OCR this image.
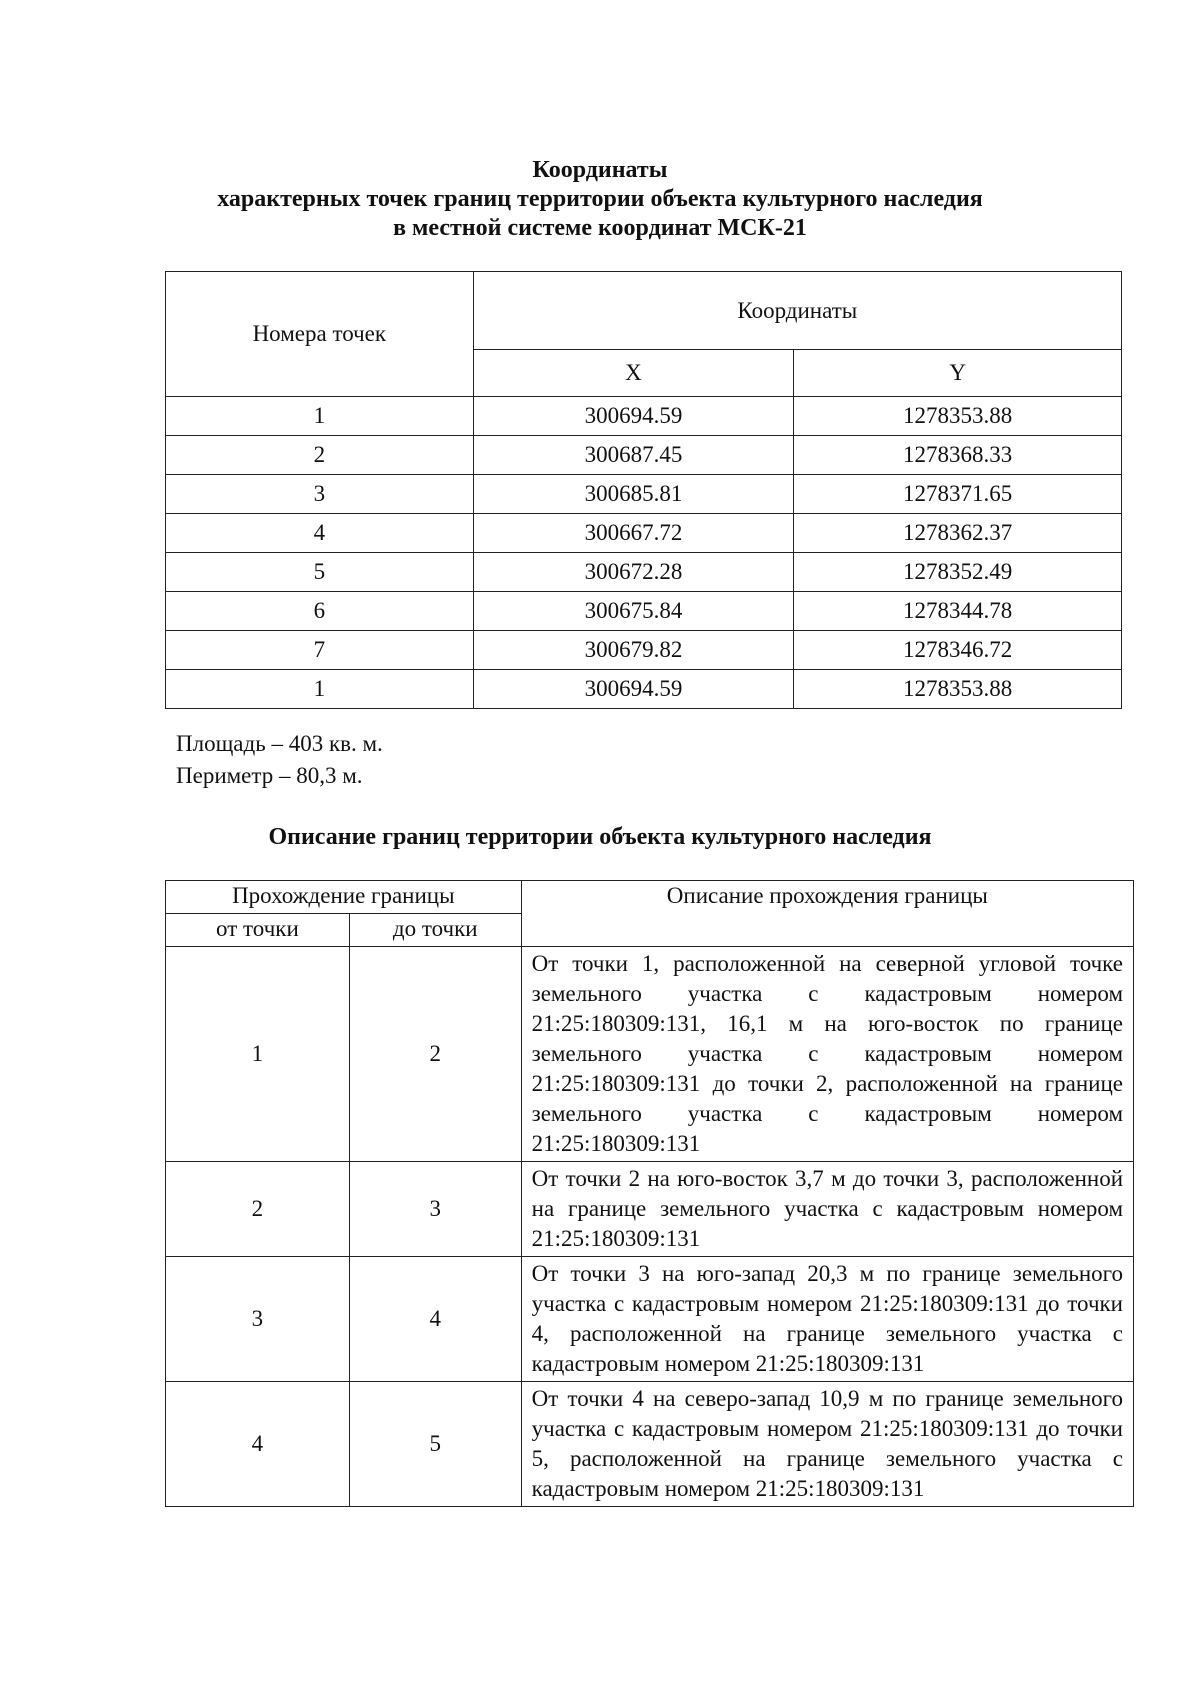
Координаты
характерных точек границ территории объекта культурного наследия
в местной системе координат МСК-21
Номера точек	Координаты	
	X	Y
1	300694.59	1278353.88
2	300687.45	1278368.33
3	300685.81	1278371.65
4	300667.72	1278362.37
5	300672.28	1278352.49
6	300675.84	1278344.78
7	300679.82	1278346.72
1	300694.59	1278353.88
Площадь – 403 кв. м.
Периметр – 80,3 м.
Описание границ территории объекта культурного наследия
Прохождение границы		Описание прохождения границы
от точки	до точки	
1	2	От точки 1, расположенной на северной угловой точке земельного участка с кадастровым номером 21:25:180309:131, 16,1 м на юго-восток по границе земельного участка с кадастровым номером 21:25:180309:131 до точки 2, расположенной на границе земельного участка с кадастровым номером 21:25:180309:131
2	3	От точки 2 на юго-восток 3,7 м до точки 3, расположенной на границе земельного участка с кадастровым номером 21:25:180309:131
3	4	От точки 3 на юго-запад 20,3 м по границе земельного участка с кадастровым номером 21:25:180309:131 до точки 4, расположенной на границе земельного участка с кадастровым номером 21:25:180309:131
4	5	От точки 4 на северо-запад 10,9 м по границе земельного участка с кадастровым номером 21:25:180309:131 до точки 5, расположенной на границе земельного участка с кадастровым номером 21:25:180309:131
